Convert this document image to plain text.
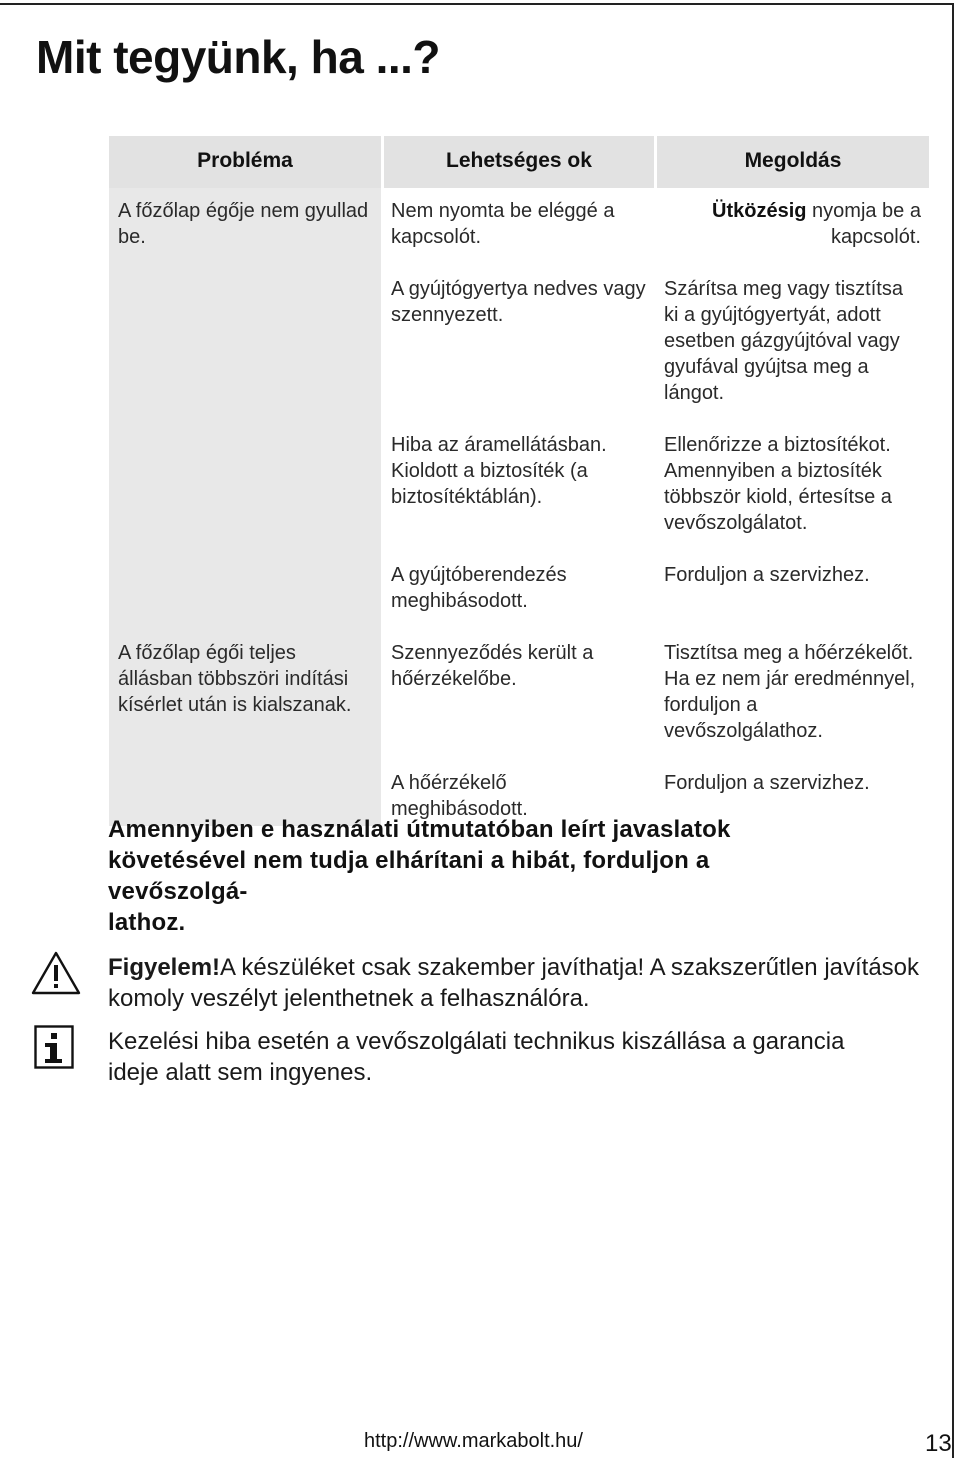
Mit tegyünk, ha ...?
Probléma	Lehetséges ok	Megoldás
A főzőlap égője nem gyullad be.	Nem nyomta be eléggé a kapcsolót.	Ütközésig nyomja be a kapcsolót.
	A gyújtógyertya nedves vagy szennyezett.	Szárítsa meg vagy tisztítsa ki a gyújtógyertyát, adott esetben gázgyújtóval vagy gyufával gyújtsa meg a lángot.
	Hiba az áramellátásban. Kioldott a biztosíték (a biztosítéktáblán).	Ellenőrizze a biztosítékot. Amennyiben a biztosíték többször kiold, értesítse a vevőszolgálatot.
	A gyújtóberendezés meghibásodott.	Forduljon a szervizhez.
A főzőlap égői teljes állásban többszöri indítási kísérlet után is kialszanak.	Szennyeződés került a hőérzékelőbe.	Tisztítsa meg a hőérzékelőt. Ha ez nem jár eredménnyel, forduljon a vevőszolgálathoz.
	A hőérzékelő meghibásodott.	Forduljon a szervizhez.
Amennyiben e használati útmutatóban leírt javaslatok
követésével nem tudja elhárítani a hibát, forduljon a
vevőszolgá-
lathoz.
Figyelem!A készüléket csak szakember javíthatja! A szakszerűtlen javítások komoly veszélyt jelenthetnek a felhasználóra.
Kezelési hiba esetén a vevőszolgálati technikus kiszállása a garancia ideje alatt sem ingyenes.
http://www.markabolt.hu/	13
